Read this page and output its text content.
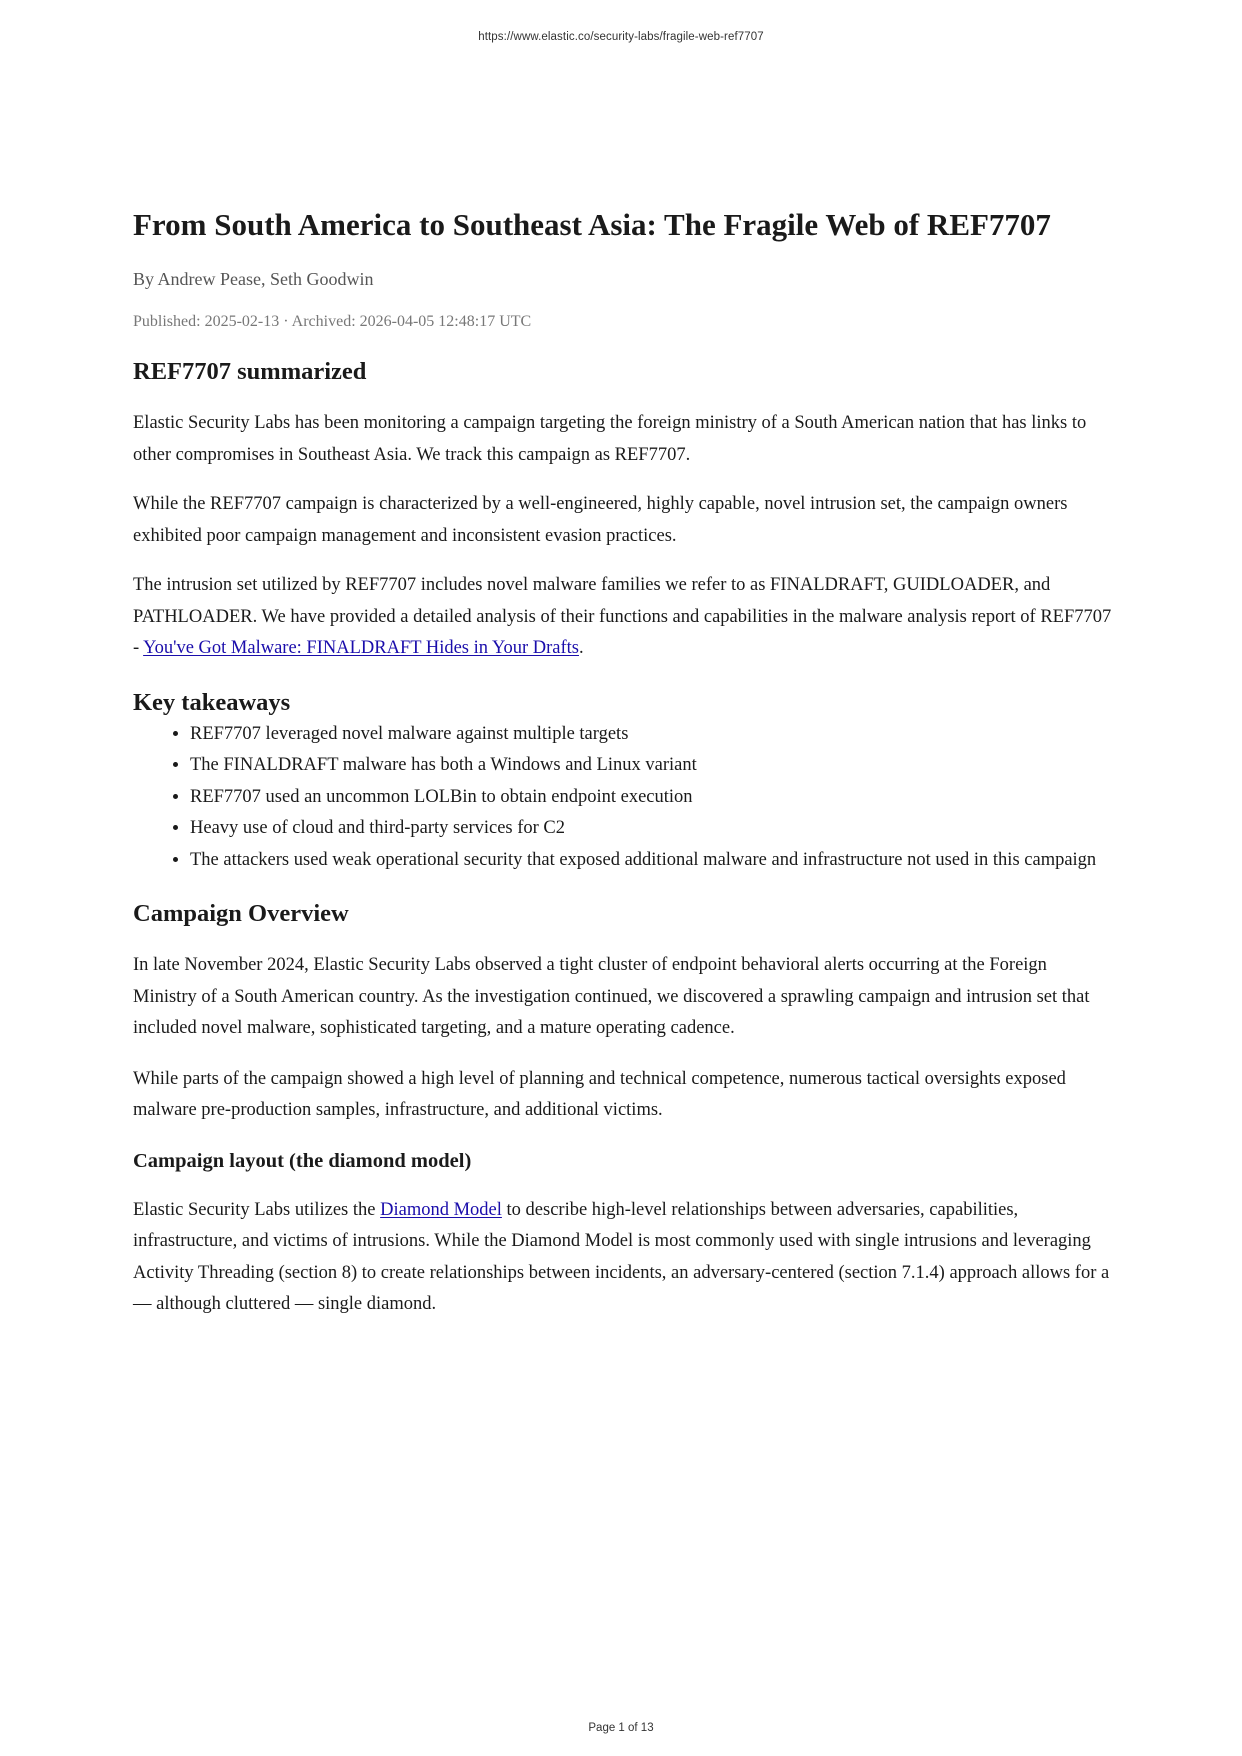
https://www.elastic.co/security-labs/fragile-web-ref7707
From South America to Southeast Asia: The Fragile Web of REF7707
By Andrew Pease, Seth Goodwin
Published: 2025-02-13 · Archived: 2026-04-05 12:48:17 UTC
REF7707 summarized

Elastic Security Labs has been monitoring a campaign targeting the foreign ministry of a South American nation that has links to other compromises in Southeast Asia. We track this campaign as REF7707.

While the REF7707 campaign is characterized by a well-engineered, highly capable, novel intrusion set, the campaign owners exhibited poor campaign management and inconsistent evasion practices.

The intrusion set utilized by REF7707 includes novel malware families we refer to as FINALDRAFT, GUIDLOADER, and PATHLOADER. We have provided a detailed analysis of their functions and capabilities in the malware analysis report of REF7707 - You've Got Malware: FINALDRAFT Hides in Your Drafts.

Key takeaways
• REF7707 leveraged novel malware against multiple targets
• The FINALDRAFT malware has both a Windows and Linux variant
• REF7707 used an uncommon LOLBin to obtain endpoint execution
• Heavy use of cloud and third-party services for C2
• The attackers used weak operational security that exposed additional malware and infrastructure not used in this campaign
Campaign Overview

In late November 2024, Elastic Security Labs observed a tight cluster of endpoint behavioral alerts occurring at the Foreign Ministry of a South American country. As the investigation continued, we discovered a sprawling campaign and intrusion set that included novel malware, sophisticated targeting, and a mature operating cadence.

While parts of the campaign showed a high level of planning and technical competence, numerous tactical oversights exposed malware pre-production samples, infrastructure, and additional victims.

Campaign layout (the diamond model)

Elastic Security Labs utilizes the Diamond Model to describe high-level relationships between adversaries, capabilities, infrastructure, and victims of intrusions. While the Diamond Model is most commonly used with single intrusions and leveraging Activity Threading (section 8) to create relationships between incidents, an adversary-centered (section 7.1.4) approach allows for a — although cluttered — single diamond.

Page 1 of 13
